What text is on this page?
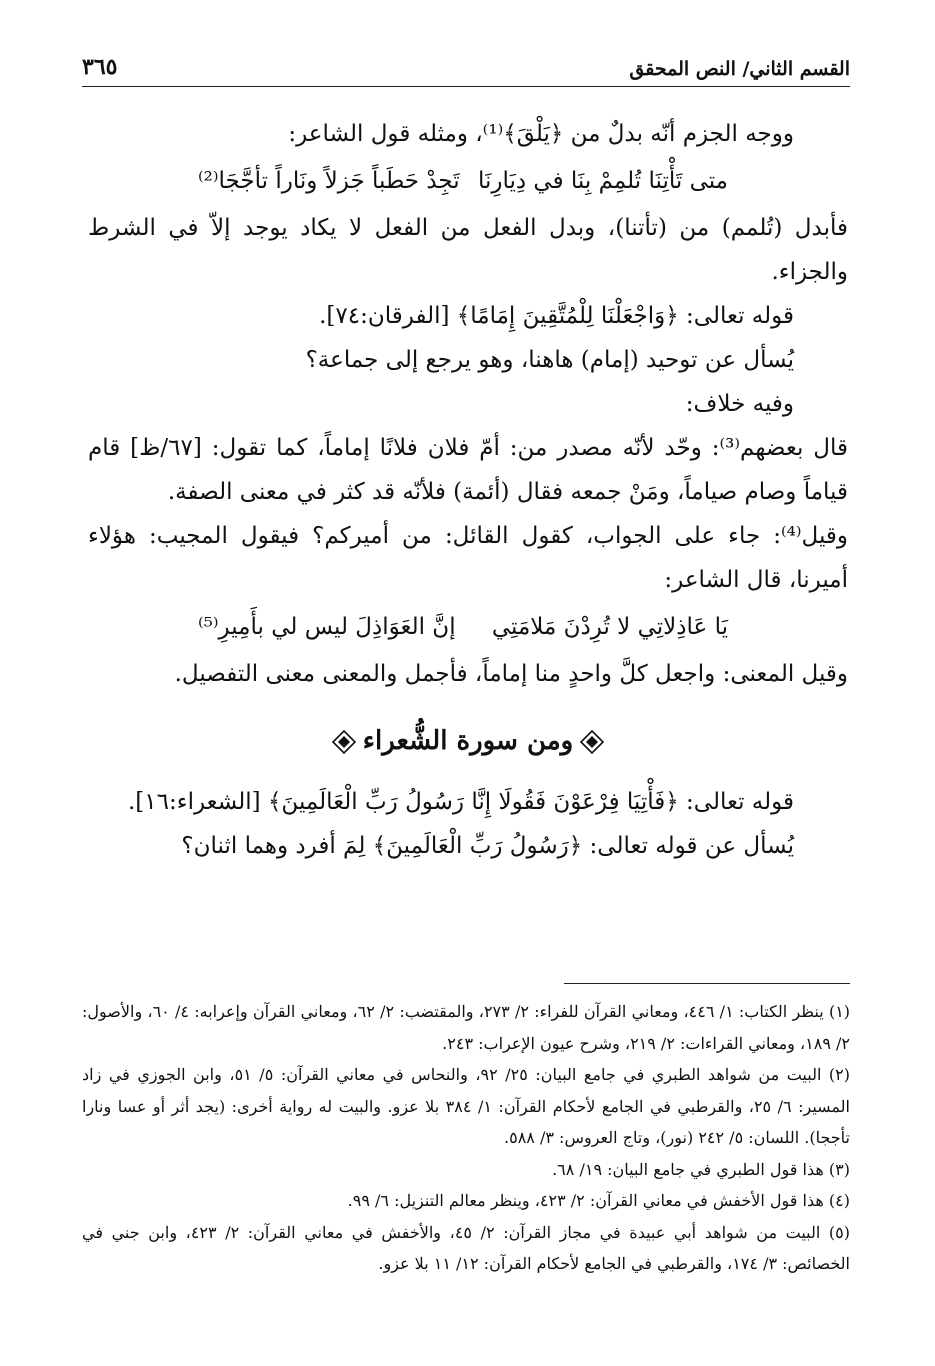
القسم الثاني/ النص المحقق
٣٦٥

ووجه الجزم أنّه بدلٌ من ﴿يَلْقَ﴾⁽¹⁾، ومثله قول الشاعر:

متى تَأْتِنَا تُلمِمْ بِنَا في دِيَارِنَا
تَجِدْ حَطَباً جَزلاً ونَاراً تأجَّجَا⁽²⁾

فأبدل (تُلمم) من (تأتنا)، وبدل الفعل من الفعل لا يكاد يوجد إلاّ في الشرط والجزاء.

قوله تعالى: ﴿وَاجْعَلْنَا لِلْمُتَّقِينَ إِمَامًا﴾ [الفرقان:٧٤].

يُسأل عن توحيد (إمام) هاهنا، وهو يرجع إلى جماعة؟

وفيه خلاف:

قال بعضهم⁽³⁾: وحّد لأنّه مصدر من: أمّ فلان فلانًا إماماً، كما تقول: [٦٧/ظ] قام قياماً وصام صياماً، ومَنْ جمعه فقال (أئمة) فلأنّه قد كثر في معنى الصفة.

وقيل⁽⁴⁾: جاء على الجواب، كقول القائل: من أميركم؟ فيقول المجيب: هؤلاء أميرنا، قال الشاعر:

يَا عَاذِلاتِي لا تُرِدْنَ مَلامَتِي
إنَّ العَوَاذِلَ ليس لي بأَمِيرِ⁽⁵⁾

وقيل المعنى: واجعل كلَّ واحدٍ منا إماماً، فأجمل والمعنى معنى التفصيل.

ومن سورة الشُّعراء

قوله تعالى: ﴿فَأْتِيَا فِرْعَوْنَ فَقُولَا إِنَّا رَسُولُ رَبِّ الْعَالَمِينَ﴾ [الشعراء:١٦].

يُسأل عن قوله تعالى: ﴿رَسُولُ رَبِّ الْعَالَمِينَ﴾ لِمَ أفرد وهما اثنان؟

(١) ينظر الكتاب: ١/ ٤٤٦، ومعاني القرآن للفراء: ٢/ ٢٧٣، والمقتضب: ٢/ ٦٢، ومعاني القرآن وإعرابه: ٤/ ٦٠، والأصول: ٢/ ١٨٩، ومعاني القراءات: ٢/ ٢١٩، وشرح عيون الإعراب: ٢٤٣.

(٢) البيت من شواهد الطبري في جامع البيان: ٢٥/ ٩٢، والنحاس في معاني القرآن: ٥/ ٥١، وابن الجوزي في زاد المسير: ٦/ ٢٥، والقرطبي في الجامع لأحكام القرآن: ١/ ٣٨٤ بلا عزو. والبيت له رواية أخرى: (يجد أثر أو عسا ونارا تأججا). اللسان: ٥/ ٢٤٢ (نور)، وتاج العروس: ٣/ ٥٨٨.

(٣) هذا قول الطبري في جامع البيان: ١٩/ ٦٨.

(٤) هذا قول الأخفش في معاني القرآن: ٢/ ٤٢٣، وينظر معالم التنزيل: ٦/ ٩٩.

(٥) البيت من شواهد أبي عبيدة في مجاز القرآن: ٢/ ٤٥، والأخفش في معاني القرآن: ٢/ ٤٢٣، وابن جني في الخصائص: ٣/ ١٧٤، والقرطبي في الجامع لأحكام القرآن: ١٢/ ١١ بلا عزو.
